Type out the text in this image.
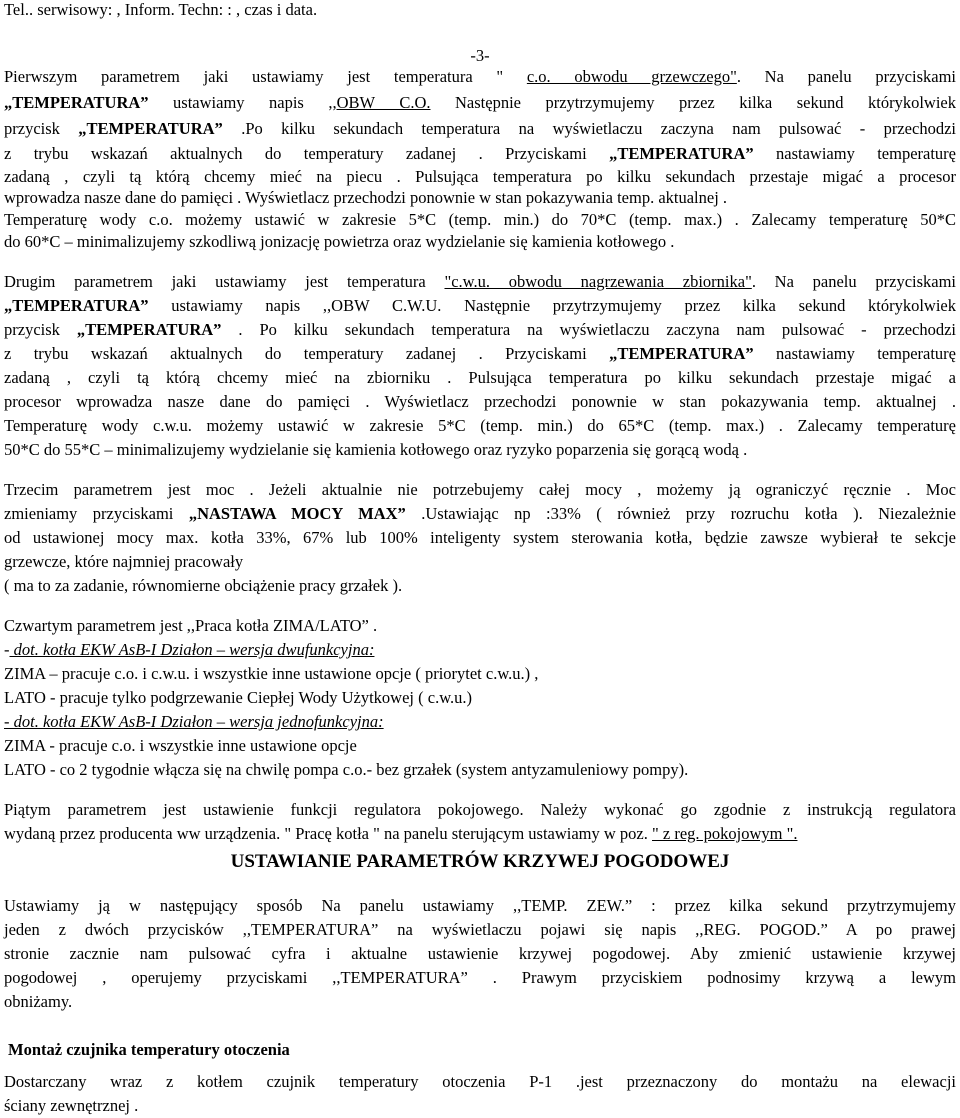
Tel.. serwisowy: , Inform. Techn: : , czas i data.
-3-
Pierwszym parametrem jaki ustawiamy jest temperatura " c.o. obwodu grzewczego". Na panelu przyciskami
„TEMPERATURA” ustawiamy napis ,,OBW C.O. Następnie przytrzymujemy przez kilka sekund którykolwiek
przycisk „TEMPERATURA” .Po kilku sekundach temperatura na wyświetlaczu zaczyna nam pulsować - przechodzi
z trybu wskazań aktualnych do temperatury zadanej . Przyciskami „TEMPERATURA” nastawiamy temperaturę
zadaną , czyli tą którą chcemy mieć na piecu . Pulsująca temperatura po kilku sekundach przestaje migać a procesor
wprowadza nasze dane do pamięci . Wyświetlacz przechodzi ponownie w stan pokazywania temp. aktualnej .
Temperaturę wody c.o. możemy ustawić w zakresie 5*C (temp. min.) do 70*C (temp. max.) . Zalecamy temperaturę 50*C
do 60*C – minimalizujemy szkodliwą jonizację powietrza oraz wydzielanie się kamienia kotłowego .
Drugim parametrem jaki ustawiamy jest temperatura "c.w.u. obwodu nagrzewania zbiornika". Na panelu przyciskami
„TEMPERATURA” ustawiamy napis ,,OBW C.W.U. Następnie przytrzymujemy przez kilka sekund którykolwiek
przycisk „TEMPERATURA” . Po kilku sekundach temperatura na wyświetlaczu zaczyna nam pulsować - przechodzi
z trybu wskazań aktualnych do temperatury zadanej . Przyciskami „TEMPERATURA” nastawiamy temperaturę
zadaną , czyli tą którą chcemy mieć na zbiorniku . Pulsująca temperatura po kilku sekundach przestaje migać a
procesor wprowadza nasze dane do pamięci . Wyświetlacz przechodzi ponownie w stan pokazywania temp. aktualnej .
Temperaturę wody c.w.u. możemy ustawić w zakresie 5*C (temp. min.) do 65*C (temp. max.) . Zalecamy temperaturę
50*C do 55*C – minimalizujemy wydzielanie się kamienia kotłowego oraz ryzyko poparzenia się gorącą wodą .
Trzecim parametrem jest moc . Jeżeli aktualnie nie potrzebujemy całej mocy , możemy ją ograniczyć ręcznie . Moc
zmieniamy przyciskami „NASTAWA MOCY MAX” .Ustawiając np :33% ( również przy rozruchu kotła ). Niezależnie
od ustawionej mocy max. kotła 33%, 67% lub 100% inteligenty system sterowania kotła, będzie zawsze wybierał te sekcje
grzewcze, które najmniej pracowały
( ma to za zadanie, równomierne obciążenie pracy grzałek ).
Czwartym parametrem jest ,,Praca kotła ZIMA/LATO” .
- dot. kotła EKW AsB-I Działon – wersja dwufunkcyjna:
ZIMA – pracuje c.o. i c.w.u. i wszystkie inne ustawione opcje ( priorytet c.w.u.) ,
LATO - pracuje tylko podgrzewanie Ciepłej Wody Użytkowej ( c.w.u.)
- dot. kotła EKW AsB-I Działon – wersja jednofunkcyjna:
ZIMA - pracuje c.o. i wszystkie inne ustawione opcje
LATO - co 2 tygodnie włącza się na chwilę pompa c.o.- bez grzałek (system antyzamuleniowy pompy).
Piątym parametrem jest ustawienie funkcji regulatora pokojowego. Należy wykonać go zgodnie z instrukcją regulatora
wydaną przez producenta ww urządzenia. " Pracę kotła " na panelu sterującym ustawiamy w poz. " z reg. pokojowym ".
USTAWIANIE PARAMETRÓW KRZYWEJ POGODOWEJ
Ustawiamy ją w następujący sposób Na panelu ustawiamy ,,TEMP. ZEW.” : przez kilka sekund przytrzymujemy
jeden z dwóch przycisków ,,TEMPERATURA” na wyświetlaczu pojawi się napis ,,REG. POGOD.” A po prawej
stronie zacznie nam pulsować cyfra i aktualne ustawienie krzywej pogodowej. Aby zmienić ustawienie krzywej
pogodowej , operujemy przyciskami ,,TEMPERATURA” . Prawym przyciskiem podnosimy krzywą a lewym
obniżamy.
Montaż czujnika temperatury otoczenia
Dostarczany wraz z kotłem czujnik temperatury otoczenia P-1 .jest przeznaczony do montażu na elewacji
ściany zewnętrznej .
